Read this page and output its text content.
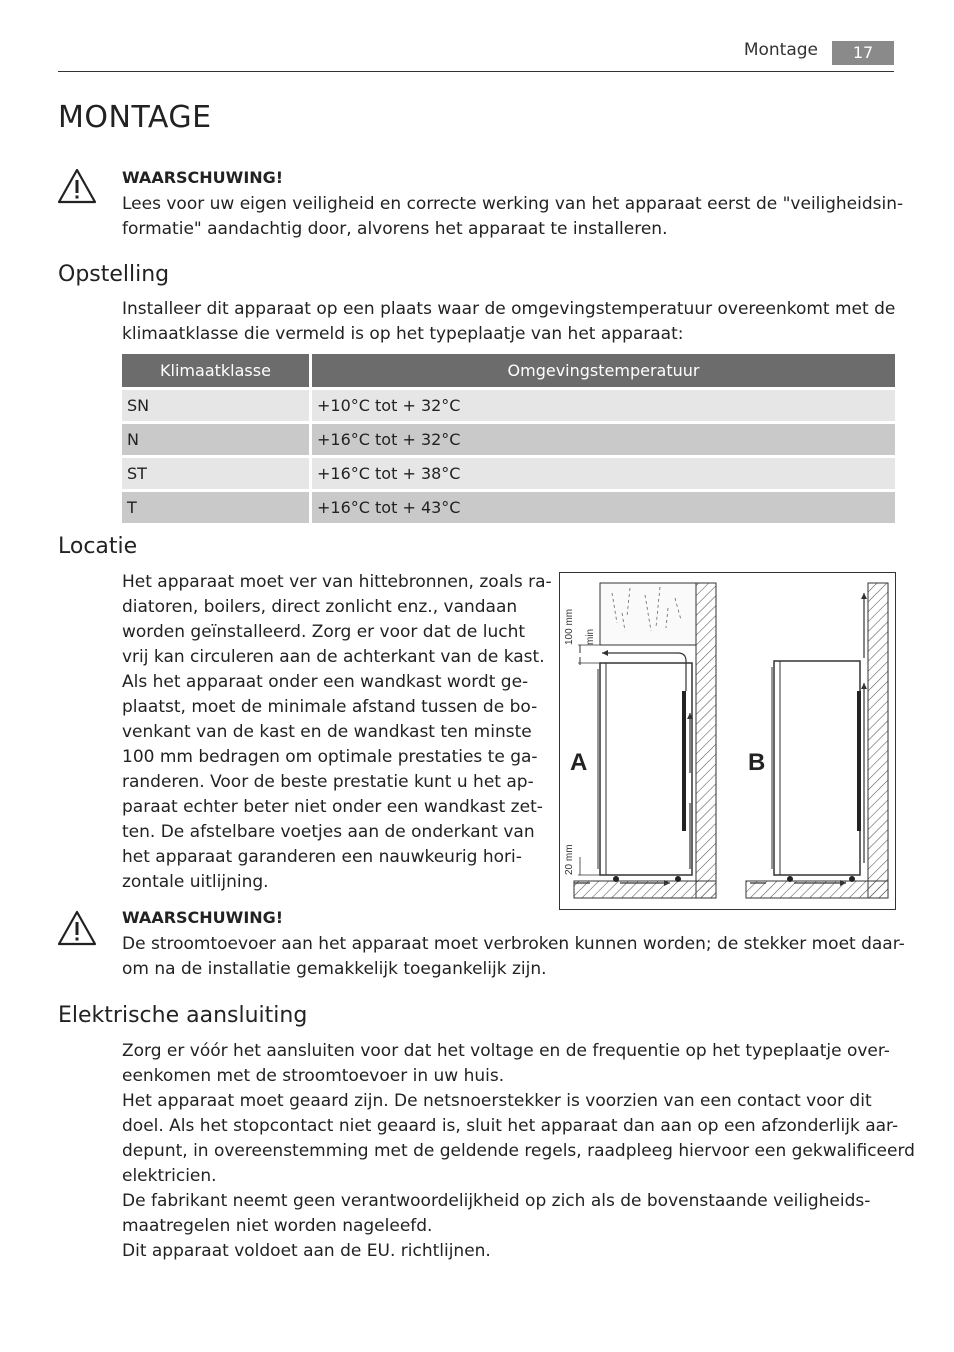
Montage	17
MONTAGE
WAARSCHUWING!
Lees voor uw eigen veiligheid en correcte werking van het apparaat eerst de "veiligheidsin-
formatie" aandachtig door, alvorens het apparaat te installeren.
Opstelling
Installeer dit apparaat op een plaats waar de omgevingstemperatuur overeenkomt met de
klimaatklasse die vermeld is op het typeplaatje van het apparaat:
Klimaatklasse	Omgevingstemperatuur
SN	+10°C tot + 32°C
N	+16°C tot + 32°C
ST	+16°C tot + 38°C
T	+16°C tot + 43°C
Locatie
Het apparaat moet ver van hittebronnen, zoals ra-
diatoren, boilers, direct zonlicht enz., vandaan
worden geïnstalleerd. Zorg er voor dat de lucht
vrij kan circuleren aan de achterkant van de kast.
Als het apparaat onder een wandkast wordt ge-
plaatst, moet de minimale afstand tussen de bo-
venkant van de kast en de wandkast ten minste
100 mm bedragen om optimale prestaties te ga-
randeren. Voor de beste prestatie kunt u het ap-
paraat echter beter niet onder een wandkast zet-
ten. De afstelbare voetjes aan de onderkant van
het apparaat garanderen een nauwkeurig hori-
zontale uitlijning.
100 mm min
20 mm
A	B
WAARSCHUWING!
De stroomtoevoer aan het apparaat moet verbroken kunnen worden; de stekker moet daar-
om na de installatie gemakkelijk toegankelijk zijn.
Elektrische aansluiting
Zorg er vóór het aansluiten voor dat het voltage en de frequentie op het typeplaatje over-
eenkomen met de stroomtoevoer in uw huis.
Het apparaat moet geaard zijn. De netsnoerstekker is voorzien van een contact voor dit
doel. Als het stopcontact niet geaard is, sluit het apparaat dan aan op een afzonderlijk aar-
depunt, in overeenstemming met de geldende regels, raadpleeg hiervoor een gekwalificeerd
elektricien.
De fabrikant neemt geen verantwoordelijkheid op zich als de bovenstaande veiligheids-
maatregelen niet worden nageleefd.
Dit apparaat voldoet aan de EU. richtlijnen.
